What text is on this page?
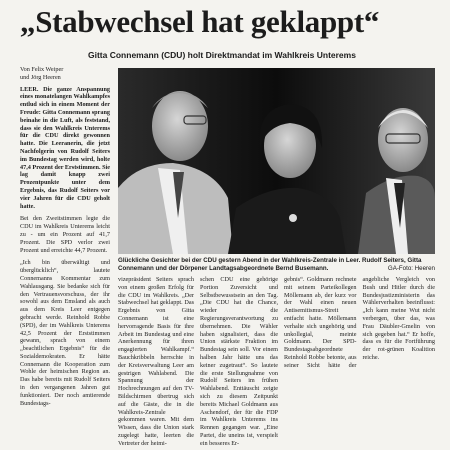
„Stabwechsel hat geklappt“
Gitta Connemann (CDU) holt Direktmandat im Wahlkreis Unterems

Von Felix Weiper
und Jörg Heeren

LEER. Die ganze Anspannung eines monatelangen Wahlkampfes entlud sich in einem Moment der Freude: Gitta Connemann sprang beinahe in die Luft, als feststand, dass sie den Wahlkreis Unterems für die CDU direkt gewonnen hatte. Die Leeranerin, die jetzt Nachfolgerin von Rudolf Seiters im Bundestag werden wird, holte 47,4 Prozent der Erststimmen. Sie lag damit knapp zwei Prozentpunkte unter dem Ergebnis, das Rudolf Seiters vor vier Jahren für die CDU geholt hatte.

Bei den Zweitstimmen legte die CDU im Wahlkreis Unterems leicht zu - um ein Prozent auf 41,7 Prozent. Die SPD verlor zwei Prozent und erreichte 44,7 Prozent.

„Ich bin überwältigt und überglücklich“, lautete Connemanns Kommentar zum Wahlausgang. Sie bedanke sich für den Vertrauensvorschuss, der ihr sowohl aus dem Emsland als auch aus dem Kreis Leer entgegen gebracht werde. Reinhold Robbe (SPD), der im Wahlkreis Unterems 42,5 Prozent der Erststimmen gewann, sprach von einem „beachtlichen Ergebnis“ für die Sozialdemokraten. Er hätte Connemann die Kooperation zum Wohle der heimischen Region an. Das habe bereits mit Rudolf Seiters in den vergangenen Jahren gut funktioniert. Der noch amtierende Bundestags-

Glückliche Gesichter bei der CDU gestern Abend in der Wahlkreis-Zentrale in Leer. Rudolf Seiters, Gitta Connemann und der Dörpener Landtagsabgeordnete Bernd Busemann.	GA-Foto: Heeren

vizepräsident Seiters sprach von einem großen Erfolg für die CDU im Wahlkreis. „Der Stabwechsel hat geklappt. Das Ergebnis von Gitta Connemann ist eine hervorragende Basis für ihre Arbeit im Bundestag und eine Anerkennung für ihren engagierten Wahlkampf.“ Bauchkribbeln herrschte in der Kreisverwaltung Leer am gestrigen Wahlabend. Die Spannung der Hochrechnungen auf den TV-Bildschirmen übertrug sich auf die Gäste, die in die Wahlkreis-Zentrale gekommen waren. Mit dem Wissen, dass die Union stark zugelegt hatte, leerten die Vertreter der heimi-

schen CDU eine gehörige Portion Zuversicht und Selbstbewusstsein an den Tag. „Die CDU hat die Chance, wieder die Regierungsverantwortung zu übernehmen. Die Wähler haben signalisiert, dass die Union stärkste Fraktion im Bundestag sein soll. Vor einem halben Jahr hätte uns das keiner zugetraut“. So lautete die erste Stellungnahme von Rudolf Seiters im frühen Wahlabend. Enttäuscht zeigte sich zu diesem Zeitpunkt bereits Michael Goldmann aus Aschendorf, der für die FDP im Wahlkreis Unterems ins Rennen gegangen war. „Eine Partei, die uneins ist, verspielt ein besseres Er-

gebnis“. Goldmann rechnete mit seinem Parteikollegen Möllemann ab, der kurz vor der Wahl einen neuen Antisemitismus-Streit entfacht hatte. Möllemann verhalte sich ungehörig und unkollegial, meinte Goldmann. Der SPD-Bundestagsabgeordnete Reinhold Robbe betonte, aus seiner Sicht hätte der angebliche Vergleich von Bush und Hitler durch die Bundesjustizministerin das Wählerverhalten beeinflusst: „Ich kann meine Wut nicht verbergen, über das, was Frau Däubler-Gmelin von sich gegeben hat.“ Er hoffe, dass es für die Fortführung der rot-grünen Koalition reiche.
